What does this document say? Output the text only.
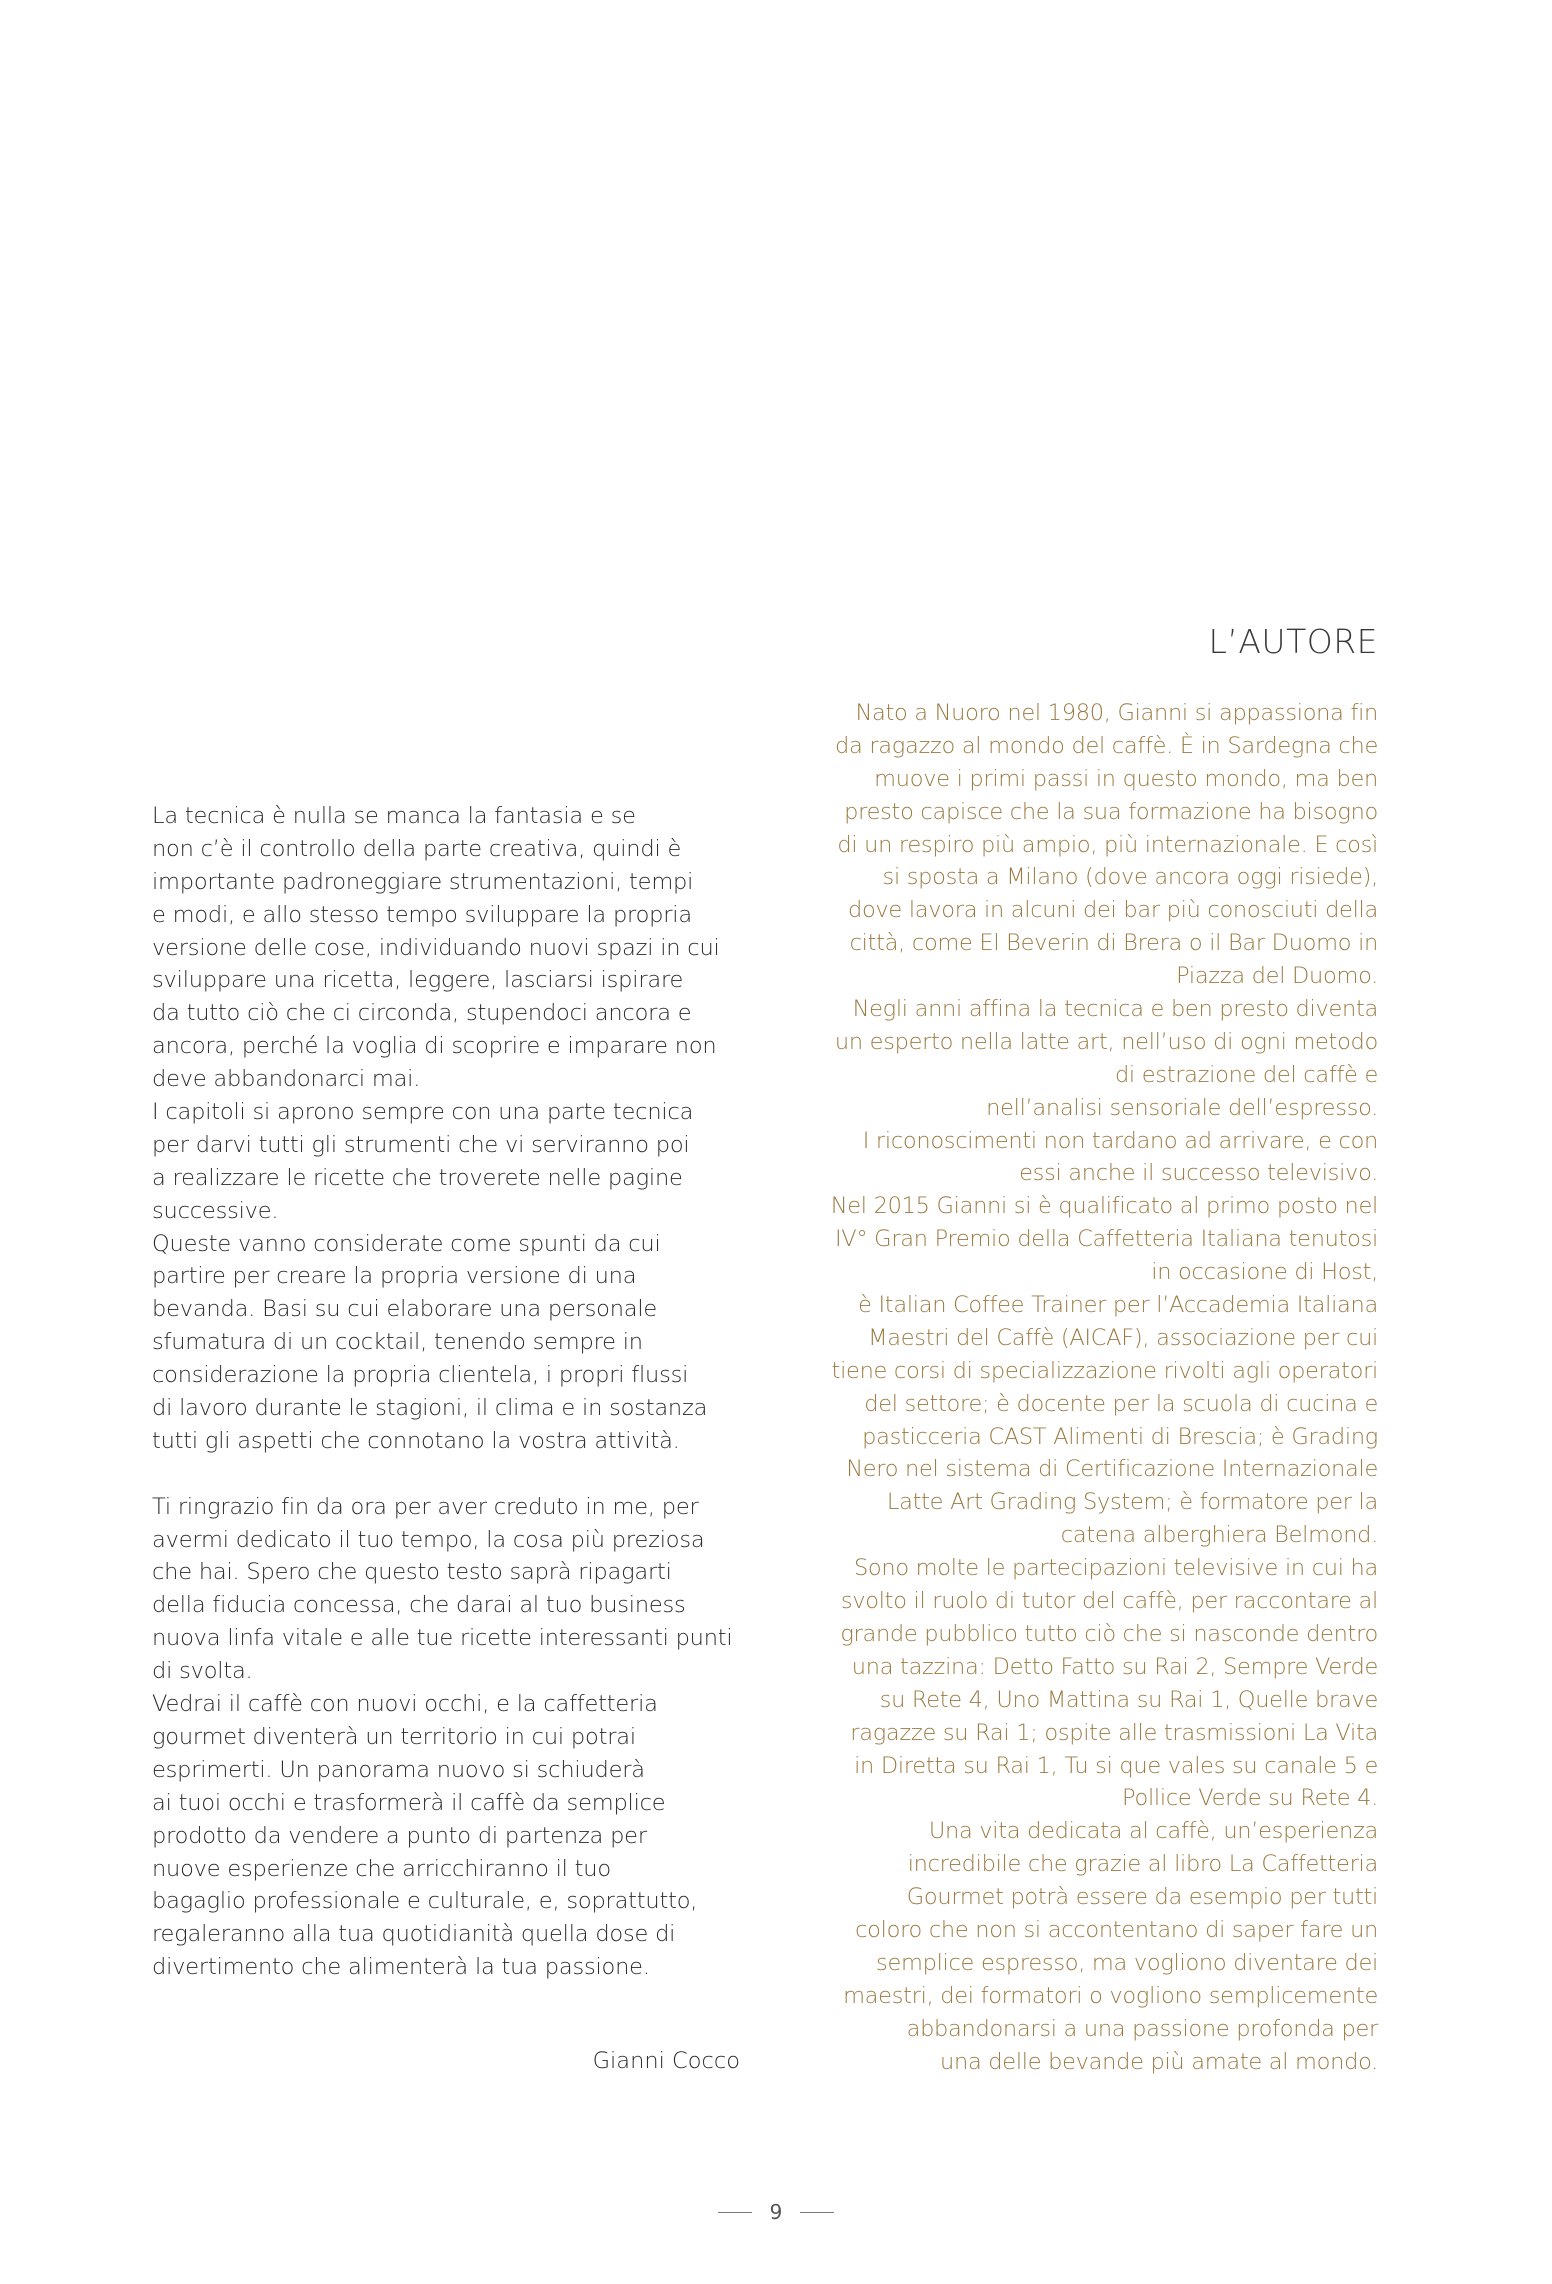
La tecnica è nulla se manca la fantasia e se
non c’è il controllo della parte creativa, quindi è
importante padroneggiare strumentazioni, tempi
e modi, e allo stesso tempo sviluppare la propria
versione delle cose, individuando nuovi spazi in cui
sviluppare una ricetta, leggere, lasciarsi ispirare
da tutto ciò che ci circonda, stupendoci ancora e
ancora, perché la voglia di scoprire e imparare non
deve abbandonarci mai.
I capitoli si aprono sempre con una parte tecnica
per darvi tutti gli strumenti che vi serviranno poi
a realizzare le ricette che troverete nelle pagine
successive.
Queste vanno considerate come spunti da cui
partire per creare la propria versione di una
bevanda. Basi su cui elaborare una personale
sfumatura di un cocktail, tenendo sempre in
considerazione la propria clientela, i propri flussi
di lavoro durante le stagioni, il clima e in sostanza
tutti gli aspetti che connotano la vostra attività.
Ti ringrazio fin da ora per aver creduto in me, per
avermi dedicato il tuo tempo, la cosa più preziosa
che hai. Spero che questo testo saprà ripagarti
della fiducia concessa, che darai al tuo business
nuova linfa vitale e alle tue ricette interessanti punti
di svolta.
Vedrai il caffè con nuovi occhi, e la caffetteria
gourmet diventerà un territorio in cui potrai
esprimerti. Un panorama nuovo si schiuderà
ai tuoi occhi e trasformerà il caffè da semplice
prodotto da vendere a punto di partenza per
nuove esperienze che arricchiranno il tuo
bagaglio professionale e culturale, e, soprattutto,
regaleranno alla tua quotidianità quella dose di
divertimento che alimenterà la tua passione.
Gianni Cocco
L’AUTORE
Nato a Nuoro nel 1980, Gianni si appassiona fin
da ragazzo al mondo del caffè. È in Sardegna che
muove i primi passi in questo mondo, ma ben
presto capisce che la sua formazione ha bisogno
di un respiro più ampio, più internazionale. E così
si sposta a Milano (dove ancora oggi risiede),
dove lavora in alcuni dei bar più conosciuti della
città, come El Beverin di Brera o il Bar Duomo in
Piazza del Duomo.
Negli anni affina la tecnica e ben presto diventa
un esperto nella latte art, nell’uso di ogni metodo
di estrazione del caffè e
nell’analisi sensoriale dell’espresso.
I riconoscimenti non tardano ad arrivare, e con
essi anche il successo televisivo.
Nel 2015 Gianni si è qualificato al primo posto nel
IV° Gran Premio della Caffetteria Italiana tenutosi
in occasione di Host,
è Italian Coffee Trainer per l’Accademia Italiana
Maestri del Caffè (AICAF), associazione per cui
tiene corsi di specializzazione rivolti agli operatori
del settore; è docente per la scuola di cucina e
pasticceria CAST Alimenti di Brescia; è Grading
Nero nel sistema di Certificazione Internazionale
Latte Art Grading System; è formatore per la
catena alberghiera Belmond.
Sono molte le partecipazioni televisive in cui ha
svolto il ruolo di tutor del caffè, per raccontare al
grande pubblico tutto ciò che si nasconde dentro
una tazzina: Detto Fatto su Rai 2, Sempre Verde
su Rete 4, Uno Mattina su Rai 1, Quelle brave
ragazze su Rai 1; ospite alle trasmissioni La Vita
in Diretta su Rai 1, Tu si que vales su canale 5 e
Pollice Verde su Rete 4.
Una vita dedicata al caffè, un’esperienza
incredibile che grazie al libro La Caffetteria
Gourmet potrà essere da esempio per tutti
coloro che non si accontentano di saper fare un
semplice espresso, ma vogliono diventare dei
maestri, dei formatori o vogliono semplicemente
abbandonarsi a una passione profonda per
una delle bevande più amate al mondo.
9
